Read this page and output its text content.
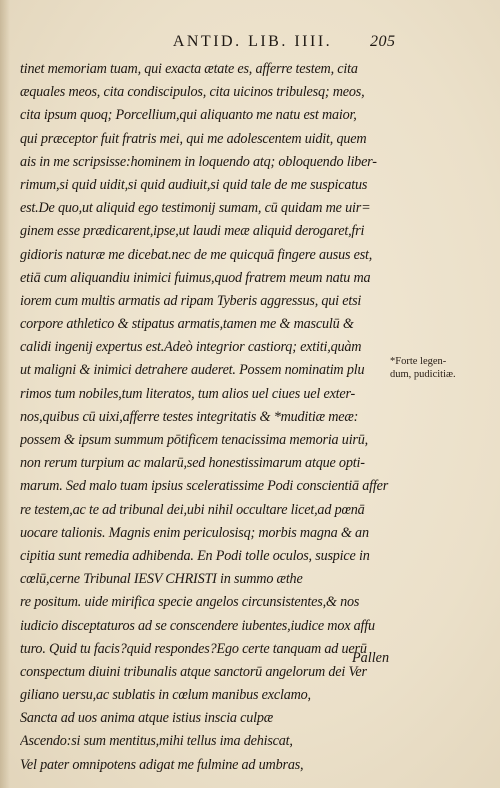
ANTID. LIB. IIII.	205
tinet memoriam tuam, qui exacta ætate es, afferre testem, cita
æquales meos, cita condiscipulos, cita uicinos tribulesq; meos,
cita ipsum quoq; Porcellium,qui aliquanto me natu est maior,
qui præceptor fuit fratris mei, qui me adolescentem uidit, quem
ais in me scripsisse:hominem in loquendo atq; obloquendo liber-
rimum,si quid uidit,si quid audiuit,si quid tale de me suspicatus
est.De quo,ut aliquid ego testimonij sumam, cū quidam me uir=
ginem esse prædicarent,ipse,ut laudi meæ aliquid derogaret,fri
gidioris naturæ me dicebat.nec de me quicquā fingere ausus est,
etiā cum aliquandiu inimici fuimus,quod fratrem meum natu ma
iorem cum multis armatis ad ripam Tyberis aggressus, qui etsi
corpore athletico & stipatus armatis,tamen me & masculū &
calidi ingenij expertus est.Adeò integrior castiorq; extiti,quàm
ut maligni & inimici detrahere auderet. Possem nominatim plu
rimos tum nobiles,tum literatos, tum alios uel ciues uel exter-
nos,quibus cū uixi,afferre testes integritatis & *muditiæ meæ:
possem & ipsum summum pōtificem tenacissima memoria uirū,
non rerum turpium ac malarū,sed honestissimarum atque opti-
marum. Sed malo tuam ipsius sceleratissime Podi conscientiā affer
re testem,ac te ad tribunal dei,ubi nihil occultare licet,ad pœnā
uocare talionis. Magnis enim periculosisq; morbis magna & an
cipitia sunt remedia adhibenda. En Podi tolle oculos, suspice in
cœlū,cerne Tribunal IESV CHRISTI in summo æthe
re positum. uide mirifica specie angelos circunsistentes,& nos
iudicio disceptaturos ad se conscendere iubentes,iudice mox affu
turo. Quid tu facis?quid respondes?Ego certe tanquam ad uerū
conspectum diuini tribunalis atque sanctorū angelorum dei Ver
giliano uersu,ac sublatis in cœlum manibus exclamo,
Sancta ad uos anima atque istius inscia culpæ
Ascendo:si sum mentitus,mihi tellus ima dehiscat,
Vel pater omnipotens adigat me fulmine ad umbras,
*Forte legen-
dum, pudicitiæ.
Pallen
